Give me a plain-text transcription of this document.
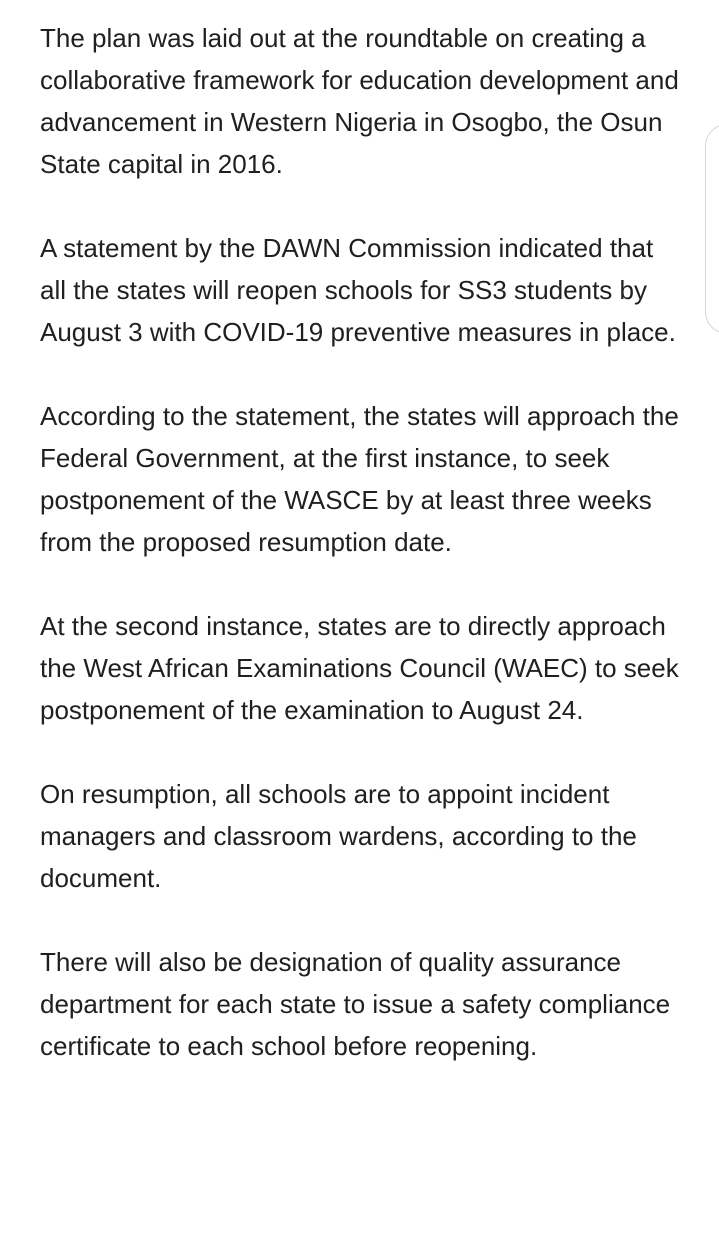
The plan was laid out at the roundtable on creating a collaborative framework for education development and advancement in Western Nigeria in Osogbo, the Osun State capital in 2016.

A statement by the DAWN Commission indicated that all the states will reopen schools for SS3 students by August 3 with COVID-19 preventive measures in place.

According to the statement, the states will approach the Federal Government, at the first instance, to seek postponement of the WASCE by at least three weeks from the proposed resumption date.

At the second instance, states are to directly approach the West African Examinations Council (WAEC) to seek postponement of the examination to August 24.

On resumption, all schools are to appoint incident managers and classroom wardens, according to the document.

There will also be designation of quality assurance department for each state to issue a safety compliance certificate to each school before reopening.
